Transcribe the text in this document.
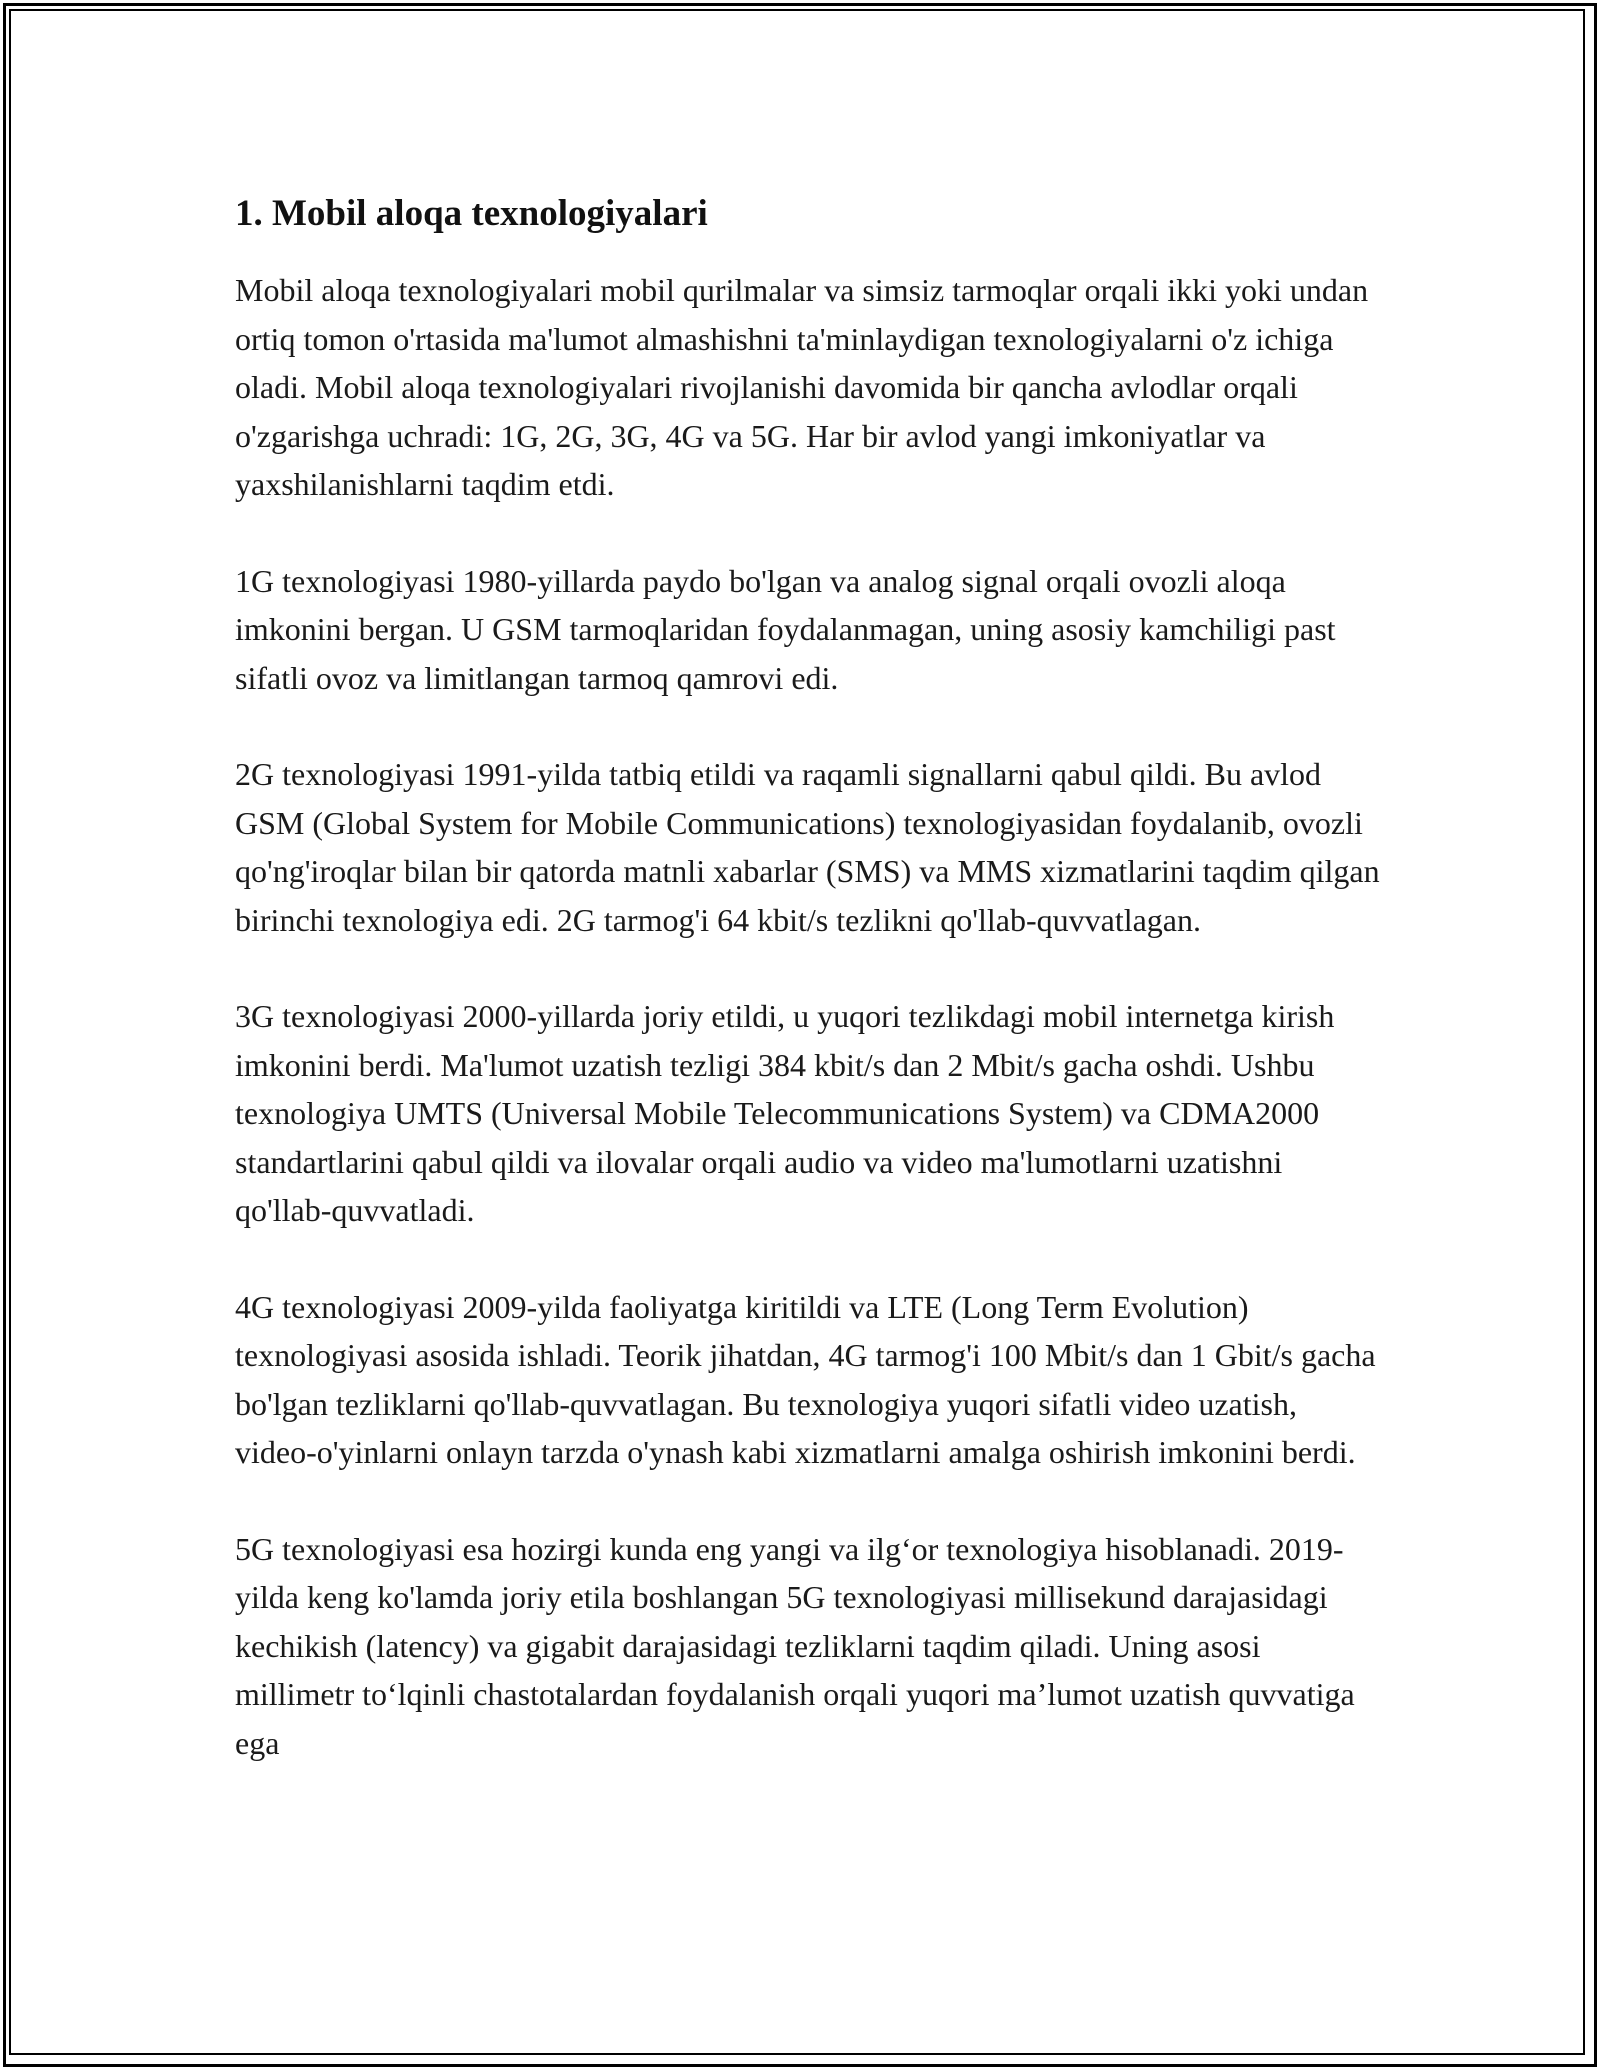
1. Mobil aloqa texnologiyalari

Mobil aloqa texnologiyalari mobil qurilmalar va simsiz tarmoqlar orqali ikki yoki undan ortiq tomon o'rtasida ma'lumot almashishni ta'minlaydigan texnologiyalarni o'z ichiga oladi. Mobil aloqa texnologiyalari rivojlanishi davomida bir qancha avlodlar orqali o'zgarishga uchradi: 1G, 2G, 3G, 4G va 5G. Har bir avlod yangi imkoniyatlar va yaxshilanishlarni taqdim etdi.

1G texnologiyasi 1980-yillarda paydo bo'lgan va analog signal orqali ovozli aloqa imkonini bergan. U GSM tarmoqlaridan foydalanmagan, uning asosiy kamchiligi past sifatli ovoz va limitlangan tarmoq qamrovi edi.

2G texnologiyasi 1991-yilda tatbiq etildi va raqamli signallarni qabul qildi. Bu avlod GSM (Global System for Mobile Communications) texnologiyasidan foydalanib, ovozli qo'ng'iroqlar bilan bir qatorda matnli xabarlar (SMS) va MMS xizmatlarini taqdim qilgan birinchi texnologiya edi. 2G tarmog'i 64 kbit/s tezlikni qo'llab-quvvatlagan.

3G texnologiyasi 2000-yillarda joriy etildi, u yuqori tezlikdagi mobil internetga kirish imkonini berdi. Ma'lumot uzatish tezligi 384 kbit/s dan 2 Mbit/s gacha oshdi. Ushbu texnologiya UMTS (Universal Mobile Telecommunications System) va CDMA2000 standartlarini qabul qildi va ilovalar orqali audio va video ma'lumotlarni uzatishni qo'llab-quvvatladi.

4G texnologiyasi 2009-yilda faoliyatga kiritildi va LTE (Long Term Evolution) texnologiyasi asosida ishladi. Teorik jihatdan, 4G tarmog'i 100 Mbit/s dan 1 Gbit/s gacha bo'lgan tezliklarni qo'llab-quvvatlagan. Bu texnologiya yuqori sifatli video uzatish, video-o'yinlarni onlayn tarzda o'ynash kabi xizmatlarni amalga oshirish imkonini berdi.

5G texnologiyasi esa hozirgi kunda eng yangi va ilg‘or texnologiya hisoblanadi. 2019-yilda keng ko'lamda joriy etila boshlangan 5G texnologiyasi millisekund darajasidagi kechikish (latency) va gigabit darajasidagi tezliklarni taqdim qiladi. Uning asosi millimetr to‘lqinli chastotalardan foydalanish orqali yuqori ma’lumot uzatish quvvatiga ega
